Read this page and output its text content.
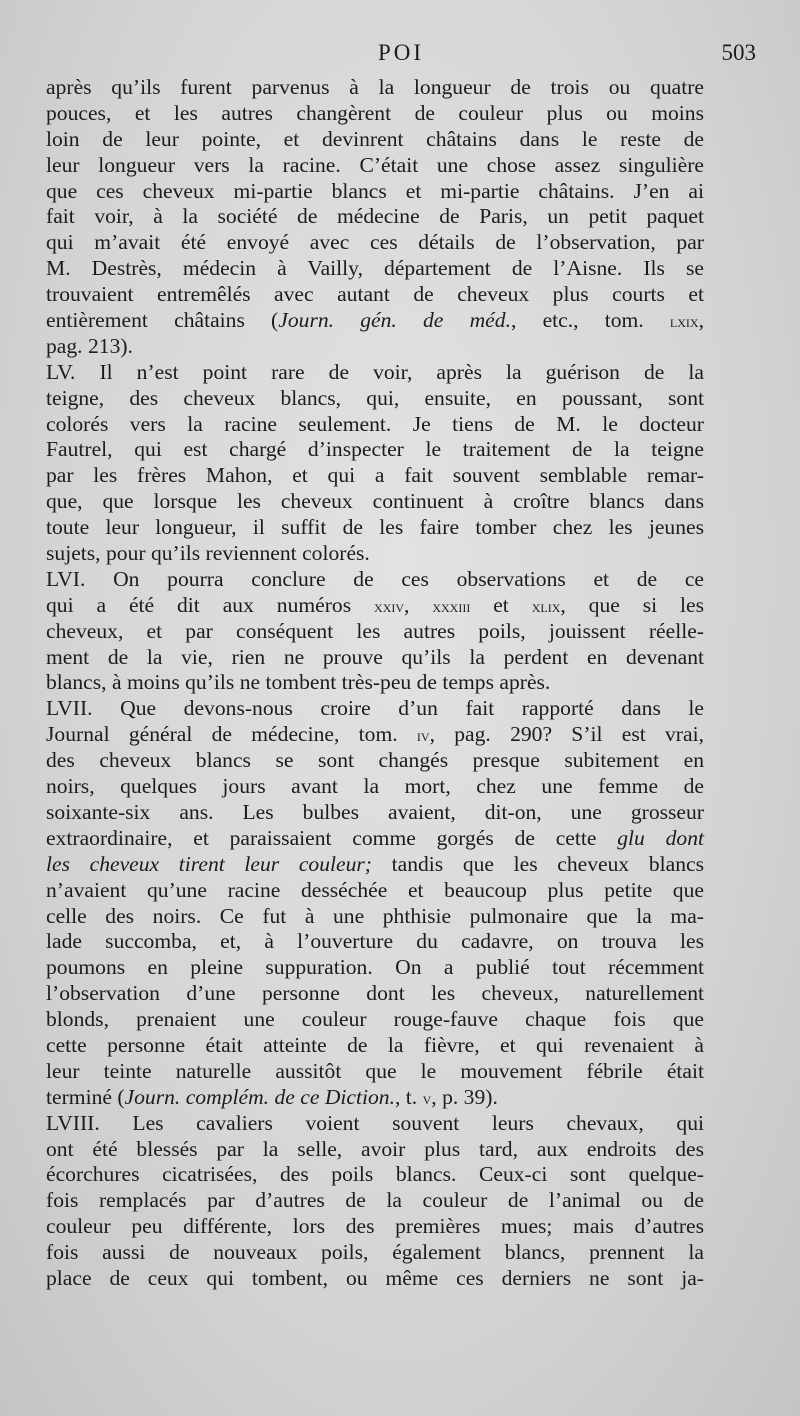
POI	503
après qu’ils furent parvenus à la longueur de trois ou quatre
pouces, et les autres changèrent de couleur plus ou moins
loin de leur pointe, et devinrent châtains dans le reste de
leur longueur vers la racine. C’était une chose assez singulière
que ces cheveux mi-partie blancs et mi-partie châtains. J’en ai
fait voir, à la société de médecine de Paris, un petit paquet
qui m’avait été envoyé avec ces détails de l’observation, par
M. Destrès, médecin à Vailly, département de l’Aisne. Ils se
trouvaient entremêlés avec autant de cheveux plus courts et
entièrement châtains (Journ. gén. de méd., etc., tom. lxix,
pag. 213).
LV. Il n’est point rare de voir, après la guérison de la
teigne, des cheveux blancs, qui, ensuite, en poussant, sont
colorés vers la racine seulement. Je tiens de M. le docteur
Fautrel, qui est chargé d’inspecter le traitement de la teigne
par les frères Mahon, et qui a fait souvent semblable remar-
que, que lorsque les cheveux continuent à croître blancs dans
toute leur longueur, il suffit de les faire tomber chez les jeunes
sujets, pour qu’ils reviennent colorés.
LVI. On pourra conclure de ces observations et de ce
qui a été dit aux numéros xxiv, xxxiii et xlix, que si les
cheveux, et par conséquent les autres poils, jouissent réelle-
ment de la vie, rien ne prouve qu’ils la perdent en devenant
blancs, à moins qu’ils ne tombent très-peu de temps après.
LVII. Que devons-nous croire d’un fait rapporté dans le
Journal général de médecine, tom. iv, pag. 290? S’il est vrai,
des cheveux blancs se sont changés presque subitement en
noirs, quelques jours avant la mort, chez une femme de
soixante-six ans. Les bulbes avaient, dit-on, une grosseur
extraordinaire, et paraissaient comme gorgés de cette glu dont
les cheveux tirent leur couleur; tandis que les cheveux blancs
n’avaient qu’une racine desséchée et beaucoup plus petite que
celle des noirs. Ce fut à une phthisie pulmonaire que la ma-
lade succomba, et, à l’ouverture du cadavre, on trouva les
poumons en pleine suppuration. On a publié tout récemment
l’observation d’une personne dont les cheveux, naturellement
blonds, prenaient une couleur rouge-fauve chaque fois que
cette personne était atteinte de la fièvre, et qui revenaient à
leur teinte naturelle aussitôt que le mouvement fébrile était
terminé (Journ. complém. de ce Diction., t. v, p. 39).
LVIII. Les cavaliers voient souvent leurs chevaux, qui
ont été blessés par la selle, avoir plus tard, aux endroits des
écorchures cicatrisées, des poils blancs. Ceux-ci sont quelque-
fois remplacés par d’autres de la couleur de l’animal ou de
couleur peu différente, lors des premières mues; mais d’autres
fois aussi de nouveaux poils, également blancs, prennent la
place de ceux qui tombent, ou même ces derniers ne sont ja-
